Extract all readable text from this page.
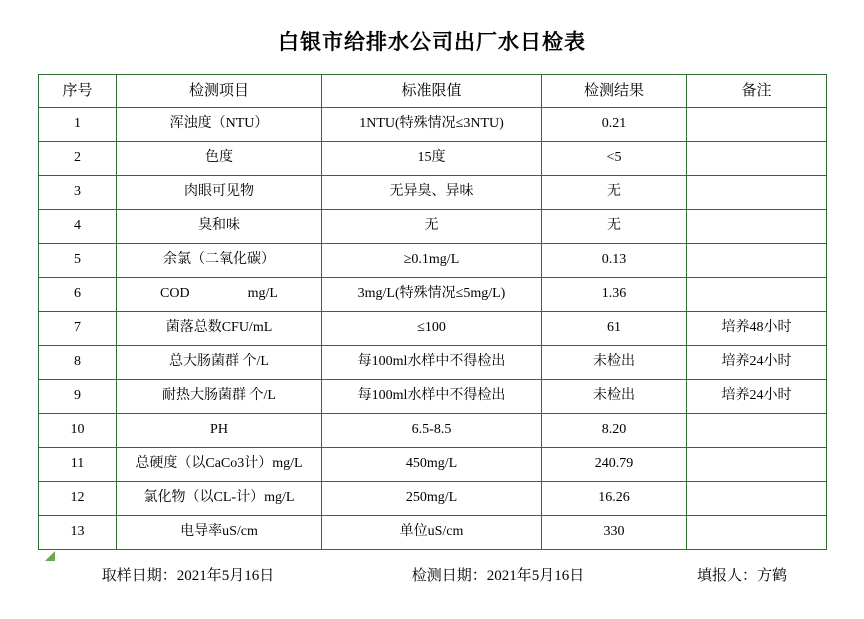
白银市给排水公司出厂水日检表
序号	检测项目	标准限值	检测结果	备注
1	浑浊度（NTU）	1NTU(特殊情况≤3NTU)	0.21	
2	色度	15度	<5	
3	肉眼可见物	无异臭、异味	无	
4	臭和味	无	无	
5	余氯（二氧化碳）	≥0.1mg/L	0.13	
6	COD mg/L	3mg/L(特殊情况≤5mg/L)	1.36	
7	菌落总数CFU/mL	≤100	61	培养48小时
8	总大肠菌群 个/L	每100ml水样中不得检出	未检出	培养24小时
9	耐热大肠菌群 个/L	每100ml水样中不得检出	未检出	培养24小时
10	PH	6.5-8.5	8.20	
11	总硬度（以CaCo3计）mg/L	450mg/L	240.79	
12	氯化物（以CL-计）mg/L	250mg/L	16.26	
13	电导率uS/cm	单位uS/cm	330	
取样日期：2021年5月16日	检测日期：2021年5月16日	填报人：方鹤
